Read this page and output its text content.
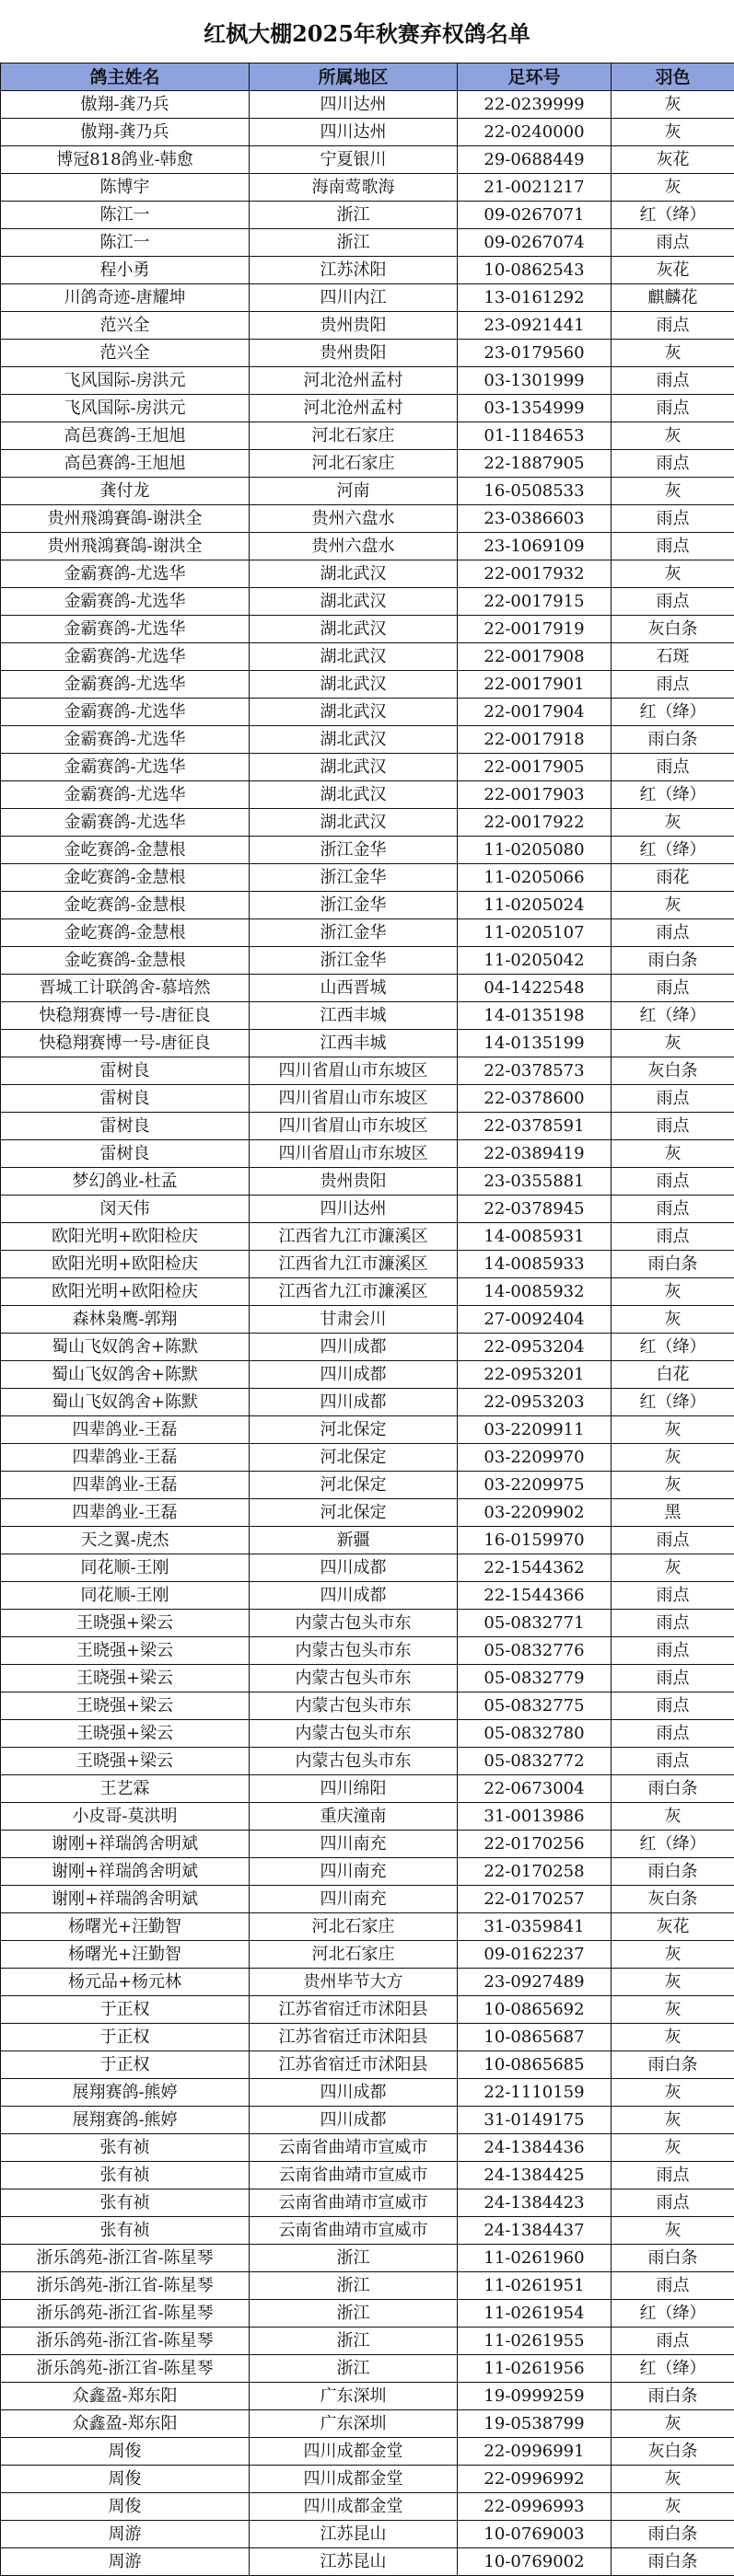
红枫大棚2025年秋赛弃权鸽名单
鸽主姓名	所属地区	足环号	羽色
傲翔-龚乃兵	四川达州	22-0239999	灰
傲翔-龚乃兵	四川达州	22-0240000	灰
博冠818鸽业-韩愈	宁夏银川	29-0688449	灰花
陈博宇	海南莺歌海	21-0021217	灰
陈江一	浙江	09-0267071	红（绛）
陈江一	浙江	09-0267074	雨点
程小勇	江苏沭阳	10-0862543	灰花
川鸽奇迹-唐耀坤	四川内江	13-0161292	麒麟花
范兴全	贵州贵阳	23-0921441	雨点
范兴全	贵州贵阳	23-0179560	灰
飞风国际-房洪元	河北沧州孟村	03-1301999	雨点
飞风国际-房洪元	河北沧州孟村	03-1354999	雨点
高邑赛鸽-王旭旭	河北石家庄	01-1184653	灰
高邑赛鸽-王旭旭	河北石家庄	22-1887905	雨点
龚付龙	河南	16-0508533	灰
贵州飛鴻賽鴿-谢洪全	贵州六盘水	23-0386603	雨点
贵州飛鴻賽鴿-谢洪全	贵州六盘水	23-1069109	雨点
金霸赛鸽-尤选华	湖北武汉	22-0017932	灰
金霸赛鸽-尤选华	湖北武汉	22-0017915	雨点
金霸赛鸽-尤选华	湖北武汉	22-0017919	灰白条
金霸赛鸽-尤选华	湖北武汉	22-0017908	石斑
金霸赛鸽-尤选华	湖北武汉	22-0017901	雨点
金霸赛鸽-尤选华	湖北武汉	22-0017904	红（绛）
金霸赛鸽-尤选华	湖北武汉	22-0017918	雨白条
金霸赛鸽-尤选华	湖北武汉	22-0017905	雨点
金霸赛鸽-尤选华	湖北武汉	22-0017903	红（绛）
金霸赛鸽-尤选华	湖北武汉	22-0017922	灰
金屹赛鸽-金慧根	浙江金华	11-0205080	红（绛）
金屹赛鸽-金慧根	浙江金华	11-0205066	雨花
金屹赛鸽-金慧根	浙江金华	11-0205024	灰
金屹赛鸽-金慧根	浙江金华	11-0205107	雨点
金屹赛鸽-金慧根	浙江金华	11-0205042	雨白条
晋城工计联鸽舍-慕培然	山西晋城	04-1422548	雨点
快稳翔赛博一号-唐征良	江西丰城	14-0135198	红（绛）
快稳翔赛博一号-唐征良	江西丰城	14-0135199	灰
雷树良	四川省眉山市东坡区	22-0378573	灰白条
雷树良	四川省眉山市东坡区	22-0378600	雨点
雷树良	四川省眉山市东坡区	22-0378591	雨点
雷树良	四川省眉山市东坡区	22-0389419	灰
梦幻鸽业-杜孟	贵州贵阳	23-0355881	雨点
闵天伟	四川达州	22-0378945	雨点
欧阳光明+欧阳检庆	江西省九江市濂溪区	14-0085931	雨点
欧阳光明+欧阳检庆	江西省九江市濂溪区	14-0085933	雨白条
欧阳光明+欧阳检庆	江西省九江市濂溪区	14-0085932	灰
森林枭鹰-郭翔	甘肃会川	27-0092404	灰
蜀山飞奴鸽舍+陈默	四川成都	22-0953204	红（绛）
蜀山飞奴鸽舍+陈默	四川成都	22-0953201	白花
蜀山飞奴鸽舍+陈默	四川成都	22-0953203	红（绛）
四辈鸽业-王磊	河北保定	03-2209911	灰
四辈鸽业-王磊	河北保定	03-2209970	灰
四辈鸽业-王磊	河北保定	03-2209975	灰
四辈鸽业-王磊	河北保定	03-2209902	黑
天之翼-虎杰	新疆	16-0159970	雨点
同花顺-王刚	四川成都	22-1544362	灰
同花顺-王刚	四川成都	22-1544366	雨点
王晓强+梁云	内蒙古包头市东	05-0832771	雨点
王晓强+梁云	内蒙古包头市东	05-0832776	雨点
王晓强+梁云	内蒙古包头市东	05-0832779	雨点
王晓强+梁云	内蒙古包头市东	05-0832775	雨点
王晓强+梁云	内蒙古包头市东	05-0832780	雨点
王晓强+梁云	内蒙古包头市东	05-0832772	雨点
王艺霖	四川绵阳	22-0673004	雨白条
小皮哥-莫洪明	重庆潼南	31-0013986	灰
谢刚+祥瑞鸽舍明斌	四川南充	22-0170256	红（绛）
谢刚+祥瑞鸽舍明斌	四川南充	22-0170258	雨白条
谢刚+祥瑞鸽舍明斌	四川南充	22-0170257	灰白条
杨曙光+汪勤智	河北石家庄	31-0359841	灰花
杨曙光+汪勤智	河北石家庄	09-0162237	灰
杨元品+杨元林	贵州毕节大方	23-0927489	灰
于正权	江苏省宿迁市沭阳县	10-0865692	灰
于正权	江苏省宿迁市沭阳县	10-0865687	灰
于正权	江苏省宿迁市沭阳县	10-0865685	雨白条
展翔赛鸽-熊婷	四川成都	22-1110159	灰
展翔赛鸽-熊婷	四川成都	31-0149175	灰
张有祯	云南省曲靖市宣威市	24-1384436	灰
张有祯	云南省曲靖市宣威市	24-1384425	雨点
张有祯	云南省曲靖市宣威市	24-1384423	雨点
张有祯	云南省曲靖市宣威市	24-1384437	灰
浙乐鸽苑-浙江省-陈星琴	浙江	11-0261960	雨白条
浙乐鸽苑-浙江省-陈星琴	浙江	11-0261951	雨点
浙乐鸽苑-浙江省-陈星琴	浙江	11-0261954	红（绛）
浙乐鸽苑-浙江省-陈星琴	浙江	11-0261955	雨点
浙乐鸽苑-浙江省-陈星琴	浙江	11-0261956	红（绛）
众鑫盈-郑东阳	广东深圳	19-0999259	雨白条
众鑫盈-郑东阳	广东深圳	19-0538799	灰
周俊	四川成都金堂	22-0996991	灰白条
周俊	四川成都金堂	22-0996992	灰
周俊	四川成都金堂	22-0996993	灰
周游	江苏昆山	10-0769003	雨白条
周游	江苏昆山	10-0769002	雨白条
